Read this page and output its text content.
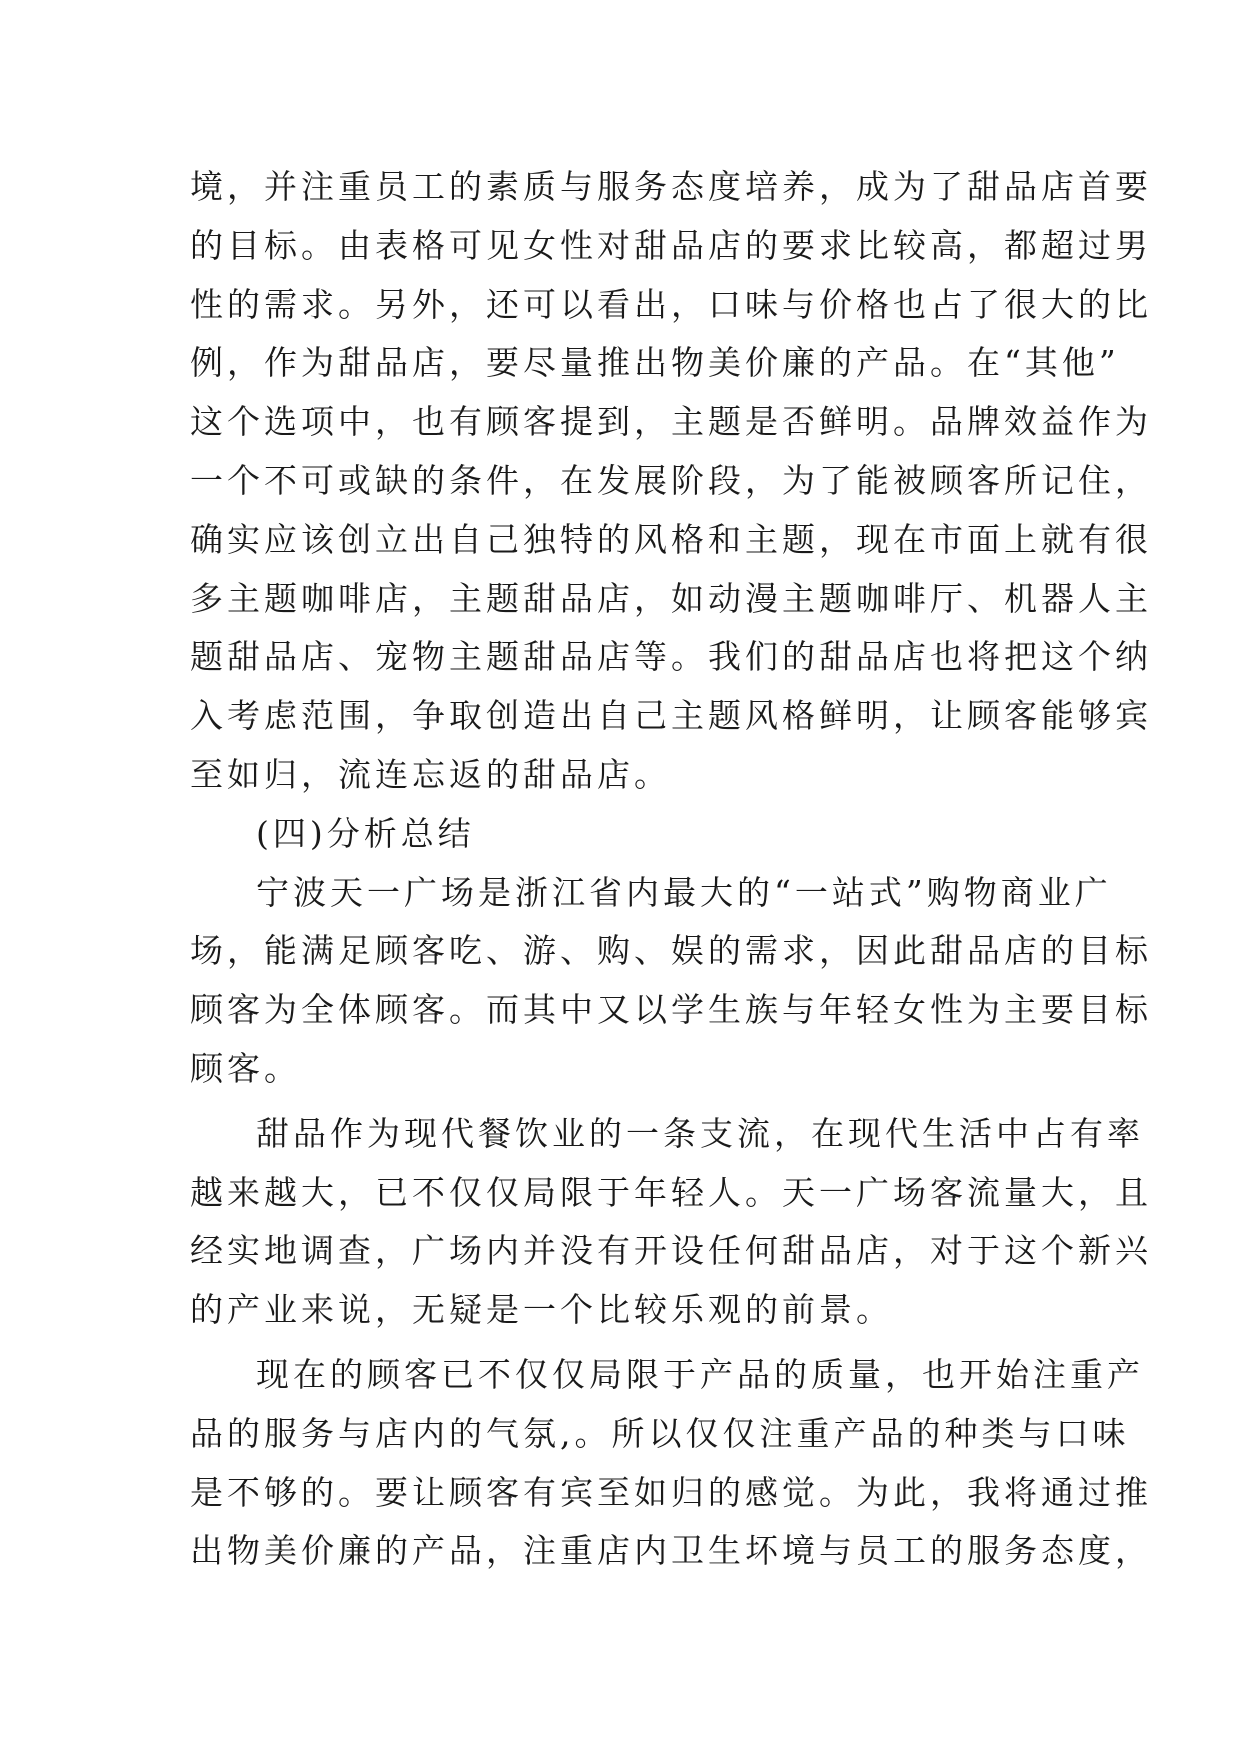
境，并注重员工的素质与服务态度培养，成为了甜品店首要
的目标。由表格可见女性对甜品店的要求比较高，都超过男
性的需求。另外，还可以看出，口味与价格也占了很大的比
例，作为甜品店，要尽量推出物美价廉的产品。在“其他”
这个选项中，也有顾客提到，主题是否鲜明。品牌效益作为
一个不可或缺的条件，在发展阶段，为了能被顾客所记住，
确实应该创立出自己独特的风格和主题，现在市面上就有很
多主题咖啡店，主题甜品店，如动漫主题咖啡厅、机器人主
题甜品店、宠物主题甜品店等。我们的甜品店也将把这个纳
入考虑范围，争取创造出自己主题风格鲜明，让顾客能够宾
至如归，流连忘返的甜品店。
(四)分析总结
宁波天一广场是浙江省内最大的“一站式”购物商业广
场，能满足顾客吃、游、购、娱的需求，因此甜品店的目标
顾客为全体顾客。而其中又以学生族与年轻女性为主要目标
顾客。
甜品作为现代餐饮业的一条支流，在现代生活中占有率
越来越大，已不仅仅局限于年轻人。天一广场客流量大，且
经实地调查，广场内并没有开设任何甜品店，对于这个新兴
的产业来说，无疑是一个比较乐观的前景。
现在的顾客已不仅仅局限于产品的质量，也开始注重产
品的服务与店内的气氛,。所以仅仅注重产品的种类与口味
是不够的。要让顾客有宾至如归的感觉。为此，我将通过推
出物美价廉的产品，注重店内卫生坏境与员工的服务态度，
